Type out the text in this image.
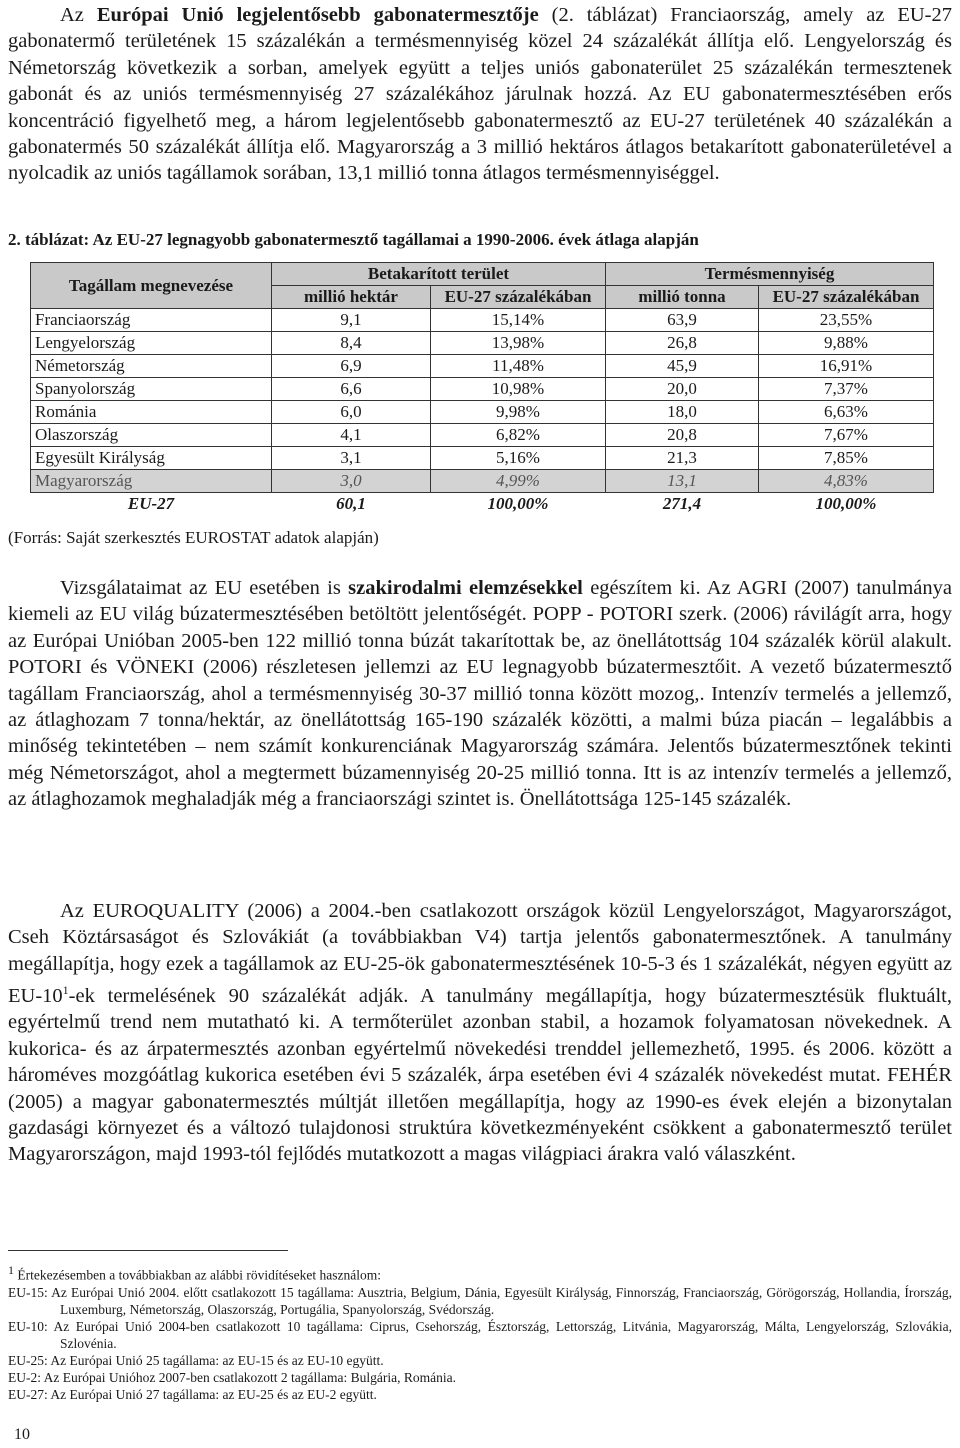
Az Európai Unió legjelentősebb gabonatermesztője (2. táblázat) Franciaország, amely az EU-27 gabonatermő területének 15 százalékán a termésmennyiség közel 24 százalékát állítja elő. Lengyelország és Németország következik a sorban, amelyek együtt a teljes uniós gabonaterület 25 százalékán termesztenek gabonát és az uniós termésmennyiség 27 százalékához járulnak hozzá. Az EU gabonatermesztésében erős koncentráció figyelhető meg, a három legjelentősebb gabonatermesztő az EU-27 területének 40 százalékán a gabonatermés 50 százalékát állítja elő. Magyarország a 3 millió hektáros átlagos betakarított gabonaterületével a nyolcadik az uniós tagállamok sorában, 13,1 millió tonna átlagos termésmennyiséggel.

2. táblázat: Az EU-27 legnagyobb gabonatermesztő tagállamai a 1990-2006. évek átlaga alapján

Tagállam megnevezése	Betakarított terület		Termésmennyiség	
	millió hektár	EU-27 százalékában	millió tonna	EU-27 százalékában
Franciaország	9,1	15,14%	63,9	23,55%
Lengyelország	8,4	13,98%	26,8	9,88%
Németország	6,9	11,48%	45,9	16,91%
Spanyolország	6,6	10,98%	20,0	7,37%
Románia	6,0	9,98%	18,0	6,63%
Olaszország	4,1	6,82%	20,8	7,67%
Egyesült Királyság	3,1	5,16%	21,3	7,85%
Magyarország	3,0	4,99%	13,1	4,83%
EU-27	60,1	100,00%	271,4	100,00%
(Forrás: Saját szerkesztés EUROSTAT adatok alapján)

Vizsgálataimat az EU esetében is szakirodalmi elemzésekkel egészítem ki. Az AGRI (2007) tanulmánya kiemeli az EU világ búzatermesztésében betöltött jelentőségét. POPP - POTORI szerk. (2006) rávilágít arra, hogy az Európai Unióban 2005-ben 122 millió tonna búzát takarítottak be, az önellátottság 104 százalék körül alakult. POTORI és VÖNEKI (2006) részletesen jellemzi az EU legnagyobb búzatermesztőit. A vezető búzatermesztő tagállam Franciaország, ahol a termésmennyiség 30-37 millió tonna között mozog,. Intenzív termelés a jellemző, az átlaghozam 7 tonna/hektár, az önellátottság 165-190 százalék közötti, a malmi búza piacán – legalábbis a minőség tekintetében – nem számít konkurenciának Magyarország számára. Jelentős búzatermesztőnek tekinti még Németországot, ahol a megtermett búzamennyiség 20-25 millió tonna. Itt is az intenzív termelés a jellemző, az átlaghozamok meghaladják még a franciaországi szintet is. Önellátottsága 125-145 százalék.

Az EUROQUALITY (2006) a 2004.-ben csatlakozott országok közül Lengyelországot, Magyarországot, Cseh Köztársaságot és Szlovákiát (a továbbiakban V4) tartja jelentős gabonatermesztőnek. A tanulmány megállapítja, hogy ezek a tagállamok az EU-25-ök gabonatermesztésének 10-5-3 és 1 százalékát, négyen együtt az $EU-10^1-ek$ termelésének 90 százalékát adják. A tanulmány megállapítja, hogy búzatermesztésük fluktuált, egyértelmű trend nem mutatható ki. A termőterület azonban stabil, a hozamok folyamatosan növekednek. A kukorica- és az árpatermesztés azonban egyértelmű növekedési trenddel jellemezhető, 1995. és 2006. között a hároméves mozgóátlag kukorica esetében évi 5 százalék, árpa esetében évi 4 százalék növekedést mutat. FEHÉR (2005) a magyar gabonatermesztés múltját illetően megállapítja, hogy az 1990-es évek elején a bizonytalan gazdasági környezet és a változó tulajdonosi struktúra következményeként csökkent a gabonatermesztő terület Magyarországon, majd 1993-tól fejlődés mutatkozott a magas világpiaci árakra való válaszként.

$^1$ Értekezésemben a továbbiakban az alábbi rövidítéseket használom:

EU-15: Az Európai Unió 2004. előtt csatlakozott 15 tagállama: Ausztria, Belgium, Dánia, Egyesült Királyság, Finnország, Franciaország, Görögország, Hollandia, Írország, Luxemburg, Németország, Olaszország, Portugália, Spanyolország, Svédország.

EU-10: Az Európai Unió 2004-ben csatlakozott 10 tagállama: Ciprus, Csehország, Észtország, Lettország, Litvánia, Magyarország, Málta, Lengyelország, Szlovákia, Szlovénia.

EU-25: Az Európai Unió 25 tagállama: az EU-15 és az EU-10 együtt.

EU-2: Az Európai Unióhoz 2007-ben csatlakozott 2 tagállama: Bulgária, Románia.

EU-27: Az Európai Unió 27 tagállama: az EU-25 és az EU-2 együtt.

10
